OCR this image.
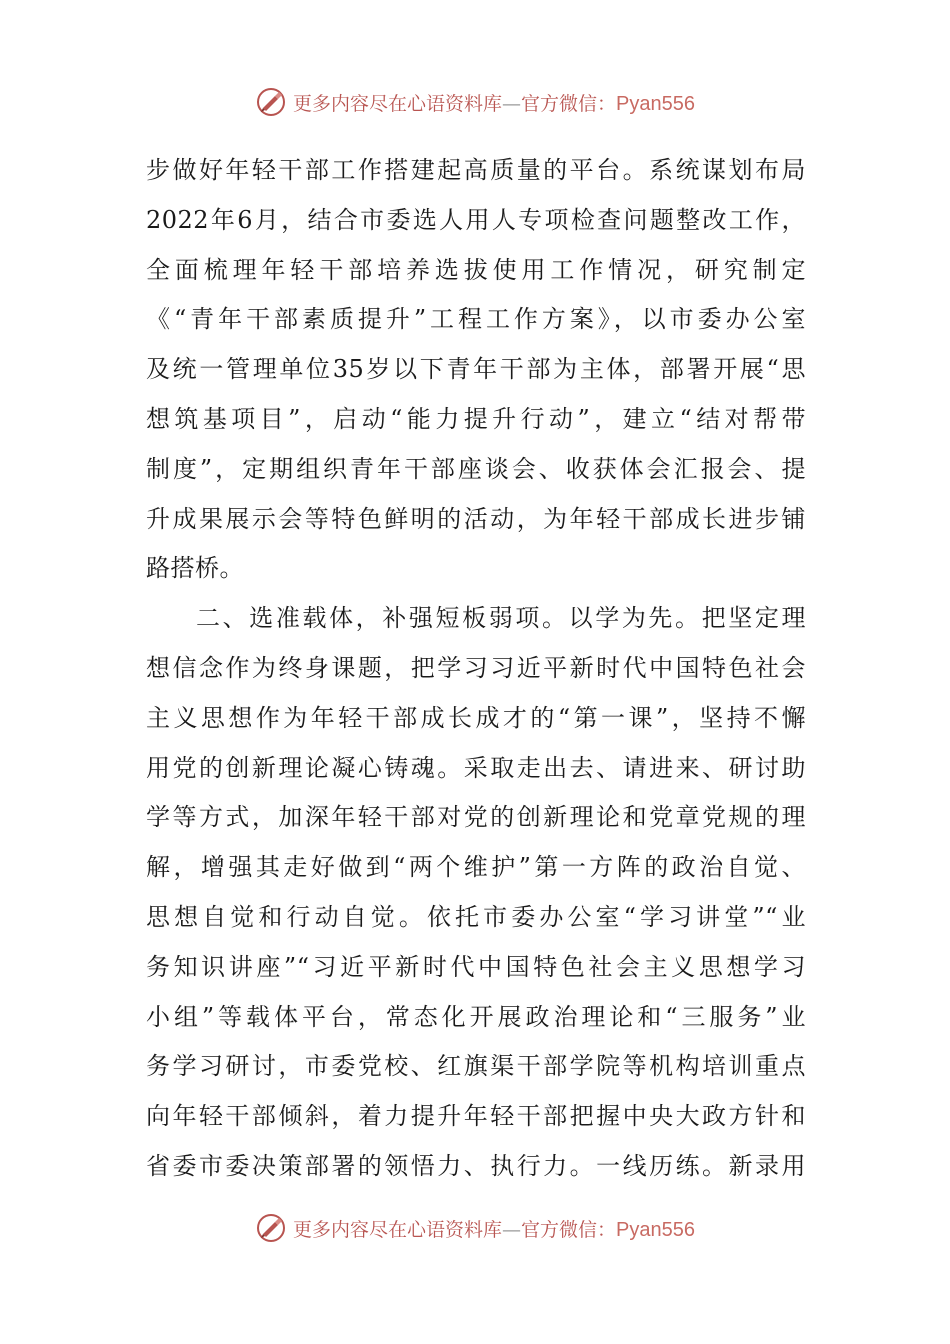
更多内容尽在心语资料库—官方微信：Pyan556
步做好年轻干部工作搭建起高质量的平台。系统谋划布局
2022年6月，结合市委选人用人专项检查问题整改工作，
全面梳理年轻干部培养选拔使用工作情况，研究制定
《“青年干部素质提升”工程工作方案》，以市委办公室
及统一管理单位35岁以下青年干部为主体，部署开展“思
想筑基项目”，启动“能力提升行动”，建立“结对帮带
制度”，定期组织青年干部座谈会、收获体会汇报会、提
升成果展示会等特色鲜明的活动，为年轻干部成长进步铺
路搭桥。
二、选准载体，补强短板弱项。以学为先。把坚定理
想信念作为终身课题，把学习习近平新时代中国特色社会
主义思想作为年轻干部成长成才的“第一课”，坚持不懈
用党的创新理论凝心铸魂。采取走出去、请进来、研讨助
学等方式，加深年轻干部对党的创新理论和党章党规的理
解，增强其走好做到“两个维护”第一方阵的政治自觉、
思想自觉和行动自觉。依托市委办公室“学习讲堂”“业
务知识讲座”“习近平新时代中国特色社会主义思想学习
小组”等载体平台，常态化开展政治理论和“三服务”业
务学习研讨，市委党校、红旗渠干部学院等机构培训重点
向年轻干部倾斜，着力提升年轻干部把握中央大政方针和
省委市委决策部署的领悟力、执行力。一线历练。新录用
更多内容尽在心语资料库—官方微信：Pyan556
